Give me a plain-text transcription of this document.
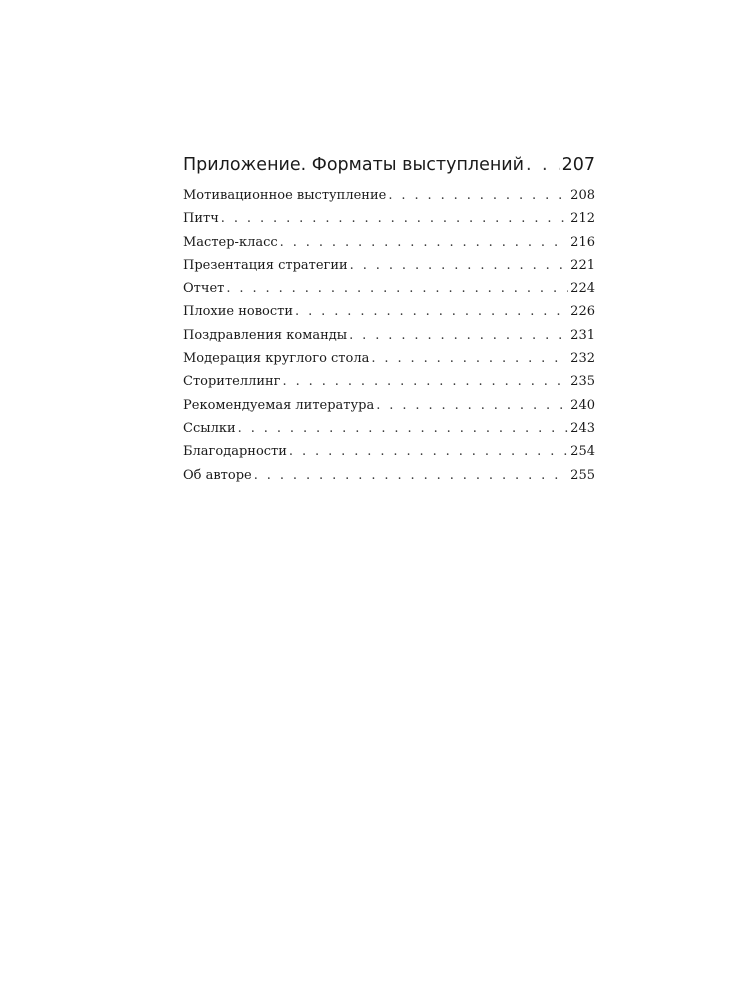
Приложение. Форматы выступлений . . . 207
Мотивационное выступление . . .	208
Питч . . .	212
Мастер-класс . . .	216
Презентация стратегии . . .	221
Отчет . . .	224
Плохие новости . . .	226
Поздравления команды . . .	231
Модерация круглого стола . . .	232
Сторителлинг . . .	235
Рекомендуемая литература . . .	240
Ссылки . . .	243
Благодарности . . .	254
Об авторе . . .	255
